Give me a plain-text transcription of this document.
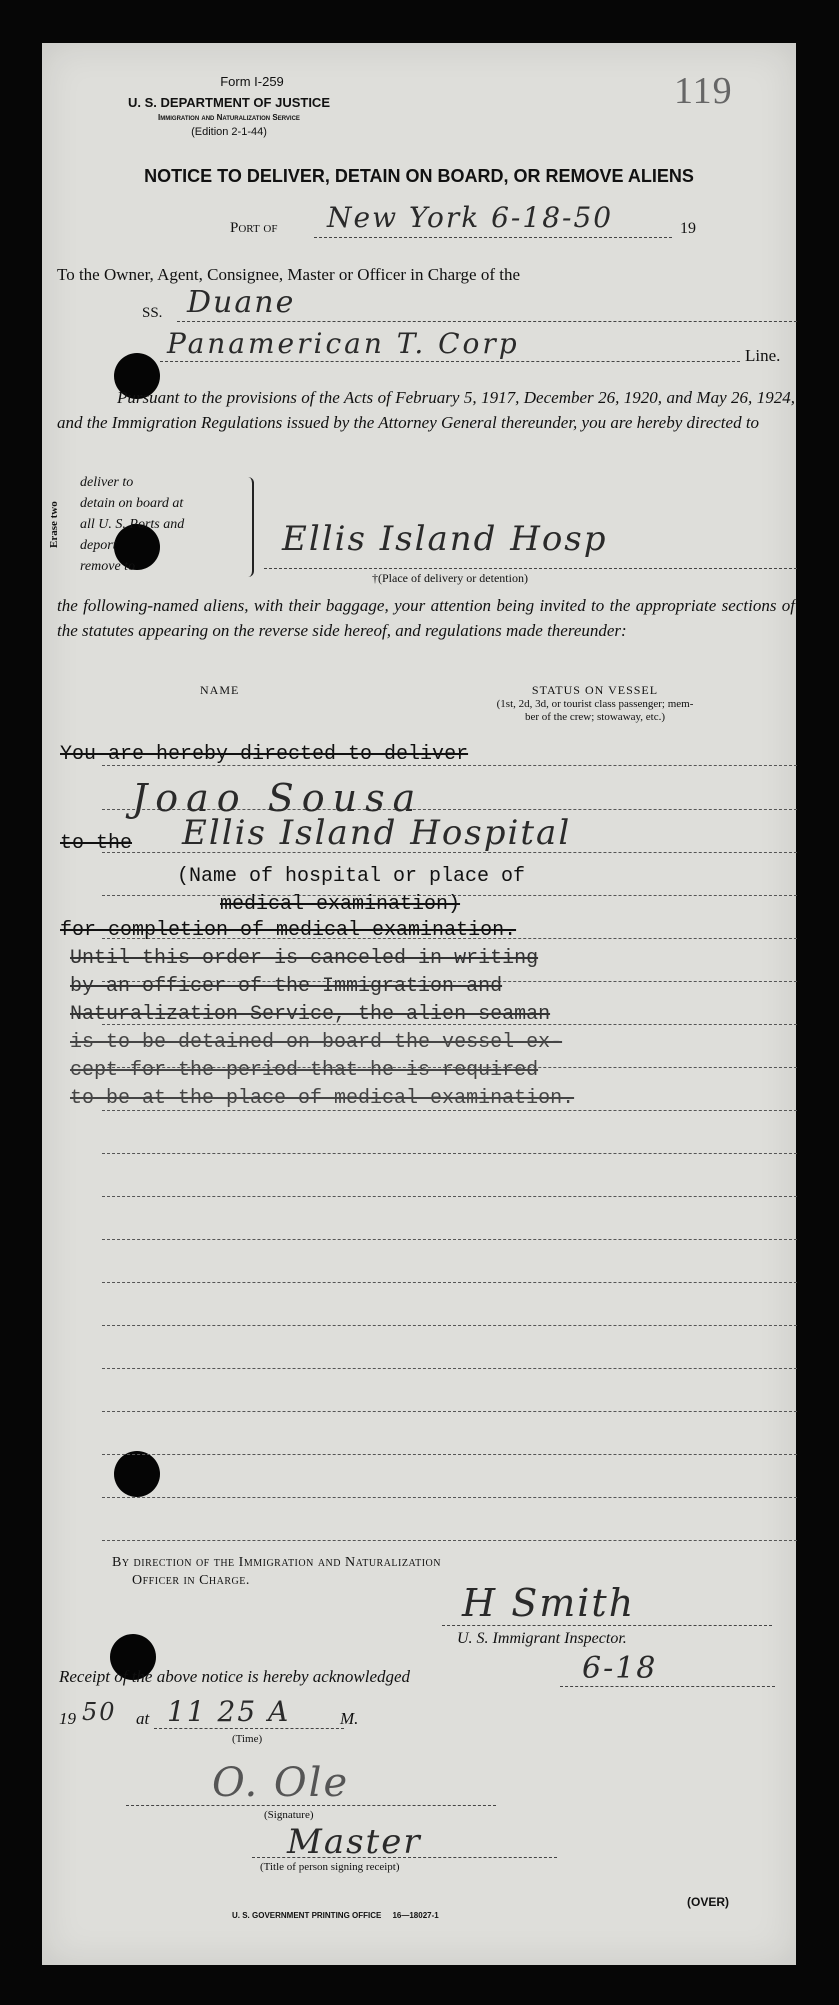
Form I-259
U. S. DEPARTMENT OF JUSTICE
Immigration and Naturalization Service
(Edition 2-1-44)
119
NOTICE TO DELIVER, DETAIN ON BOARD, OR REMOVE ALIENS
Port of New York 6-18-50	19
To the Owner, Agent, Consignee, Master or Officer in Charge of the
SS. Duane
Panamerican T. Corp	Line.
Pursuant to the provisions of the Acts of February 5, 1917, December 26, 1920, and May 26, 1924, and the Immigration Regulations issued by the Attorney General thereunder, you are hereby directed to
Erase two
deliver to
detain on board at
all U. S. Ports and
deport
remove to
Ellis Island Hosp
†(Place of delivery or detention)
the following-named aliens, with their baggage, your attention being invited to the appropriate sections of the statutes appearing on the reverse side hereof, and regulations made thereunder:
NAME	STATUS ON VESSEL
(1st, 2d, 3d, or tourist class passenger; mem-
ber of the crew; stowaway, etc.)
You are hereby directed to deliver
Joao Sousa
to the Ellis Island Hospital
(Name of hospital or place of
medical examination)
for completion of medical examination.
Until this order is canceled in writing
by an officer of the Immigration and
Naturalization Service, the alien seaman
is to be detained on board the vessel ex-
cept for the period that he is required
to be at the place of medical examination.
By direction of the Immigration and Naturalization
Officer in Charge.
H Smith
U. S. Immigrant Inspector.
Receipt of the above notice is hereby acknowledged	6-18
19 50 at 11 25 A	M.
(Time)
O. Ole
(Signature)
Master
(Title of person signing receipt)
U. S. GOVERNMENT PRINTING OFFICE     16—18027-1
(OVER)
